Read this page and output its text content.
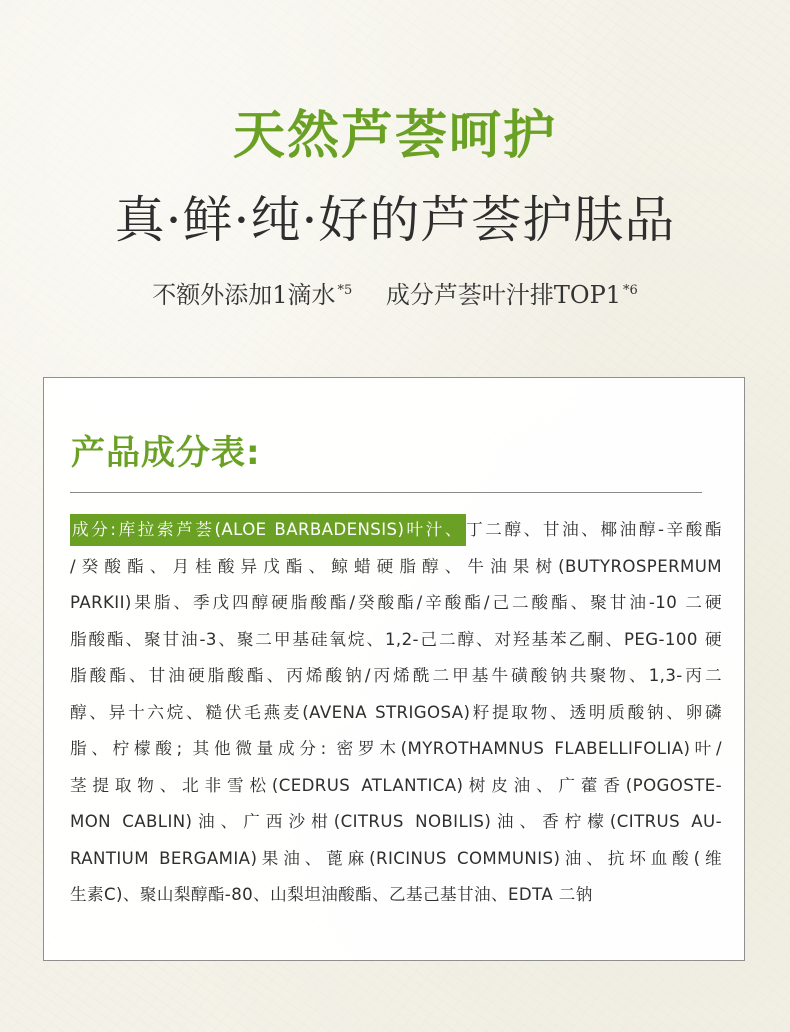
天然芦荟呵护
真·鲜·纯·好的芦荟护肤品
不额外添加1滴水 $^{*5}$ 成分芦荟叶汁排TOP1 $^{*6}$
产品成分表:

成分:库拉索芦荟(ALOE BARBADENSIS)叶汁、 丁二醇、甘油、椰油醇-辛酸酯

/癸酸酯、月桂酸异戊酯、鲸蜡硬脂醇、牛油果树(BUTYROSPERMUM

PARKII)果脂、季戊四醇硬脂酸酯/癸酸酯/辛酸酯/己二酸酯、聚甘油-10 二硬

脂酸酯、聚甘油-3、聚二甲基硅氧烷、1,2-己二醇、对羟基苯乙酮、PEG-100 硬

脂酸酯、甘油硬脂酸酯、丙烯酸钠/丙烯酰二甲基牛磺酸钠共聚物、1,3-丙二

醇、异十六烷、糙伏毛燕麦(AVENA STRIGOSA)籽提取物、透明质酸钠、卵磷

脂、柠檬酸; 其他微量成分: 密罗木(MYROTHAMNUS FLABELLIFOLIA)叶/

茎提取物、北非雪松(CEDRUS ATLANTICA)树皮油、广藿香(POGOSTE-

MON CABLIN)油、广西沙柑(CITRUS NOBILIS)油、香柠檬(CITRUS AU-

RANTIUM BERGAMIA)果油、蓖麻(RICINUS COMMUNIS)油、抗坏血酸(维

生素C)、聚山梨醇酯-80、山梨坦油酸酯、乙基己基甘油、EDTA 二钠
